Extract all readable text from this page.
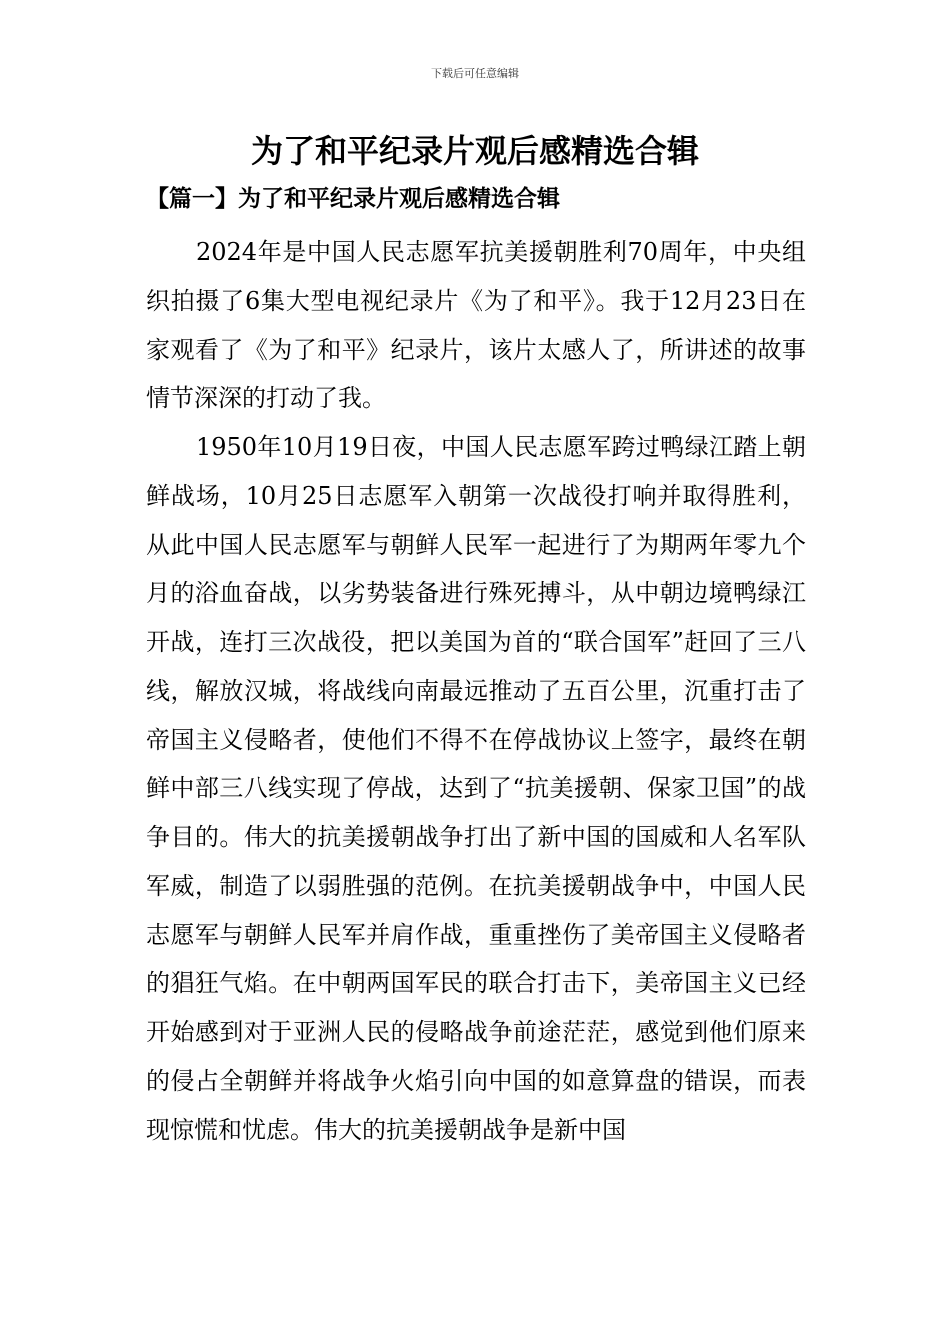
下载后可任意编辑
为了和平纪录片观后感精选合辑
【篇一】为了和平纪录片观后感精选合辑

2024年是中国人民志愿军抗美援朝胜利70周年，中央组织拍摄了6集大型电视纪录片《为了和平》。我于12月23日在家观看了《为了和平》纪录片，该片太感人了，所讲述的故事情节深深的打动了我。

1950年10月19日夜，中国人民志愿军跨过鸭绿江踏上朝鲜战场，10月25日志愿军入朝第一次战役打响并取得胜利，从此中国人民志愿军与朝鲜人民军一起进行了为期两年零九个月的浴血奋战，以劣势装备进行殊死搏斗，从中朝边境鸭绿江开战，连打三次战役，把以美国为首的“联合国军”赶回了三八线，解放汉城，将战线向南最远推动了五百公里，沉重打击了帝国主义侵略者，使他们不得不在停战协议上签字，最终在朝鲜中部三八线实现了停战，达到了“抗美援朝、保家卫国”的战争目的。伟大的抗美援朝战争打出了新中国的国威和人名军队军威，制造了以弱胜强的范例。在抗美援朝战争中，中国人民志愿军与朝鲜人民军并肩作战，重重挫伤了美帝国主义侵略者的猖狂气焰。在中朝两国军民的联合打击下，美帝国主义已经开始感到对于亚洲人民的侵略战争前途茫茫，感觉到他们原来的侵占全朝鲜并将战争火焰引向中国的如意算盘的错误，而表现惊慌和忧虑。伟大的抗美援朝战争是新中国
